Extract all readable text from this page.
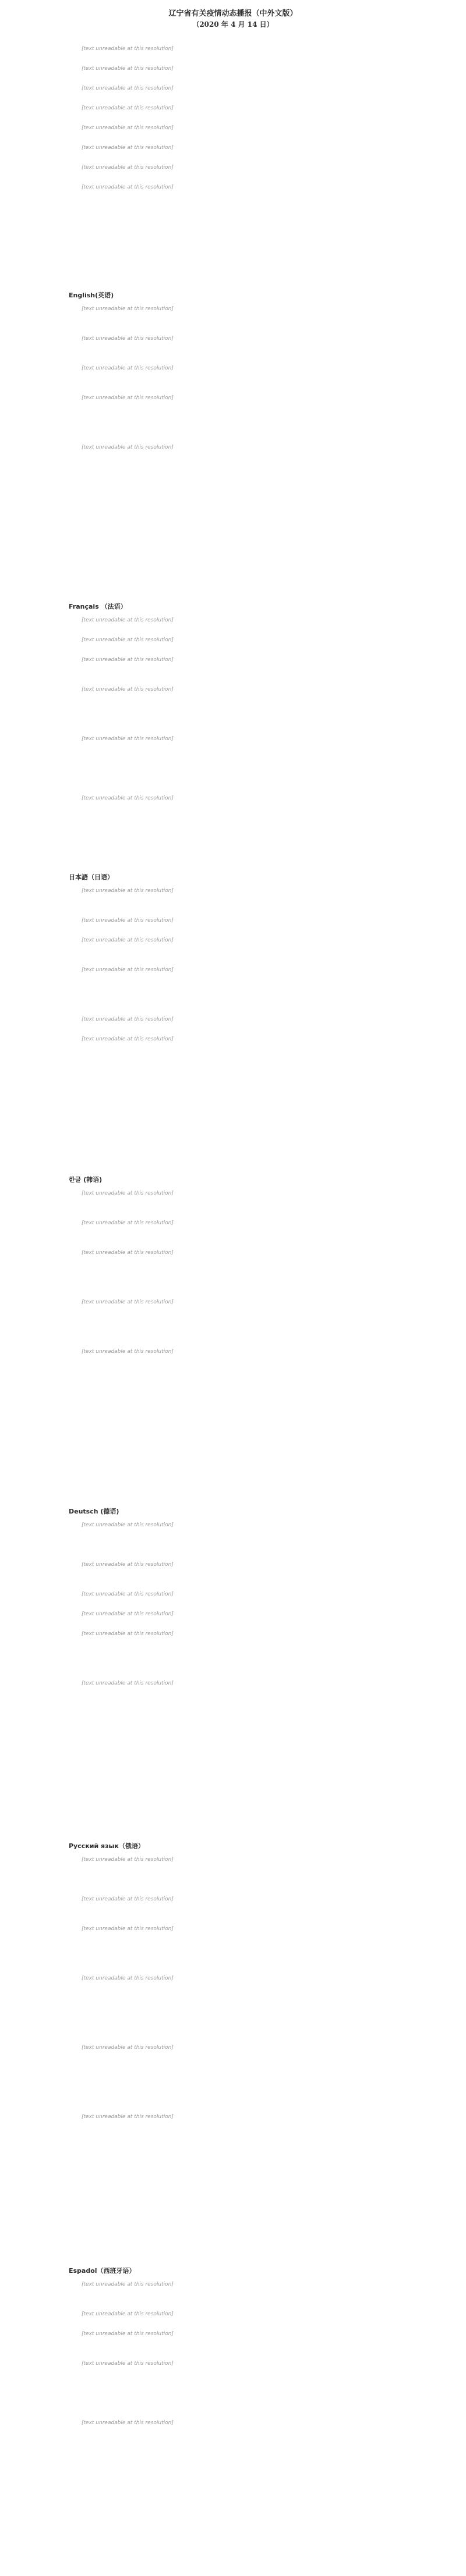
辽宁省有关疫情动态播报（中外文版）

（2020 年 4 月 14 日）

[text unreadable at this resolution]

[text unreadable at this resolution]

[text unreadable at this resolution]

[text unreadable at this resolution]

[text unreadable at this resolution]

[text unreadable at this resolution]

[text unreadable at this resolution]

[text unreadable at this resolution]

English(英语)

[text unreadable at this resolution]

[text unreadable at this resolution]

[text unreadable at this resolution]

[text unreadable at this resolution]

[text unreadable at this resolution]

Français （法语）

[text unreadable at this resolution]

[text unreadable at this resolution]

[text unreadable at this resolution]

[text unreadable at this resolution]

[text unreadable at this resolution]

[text unreadable at this resolution]

日本語（日语）

[text unreadable at this resolution]

[text unreadable at this resolution]

[text unreadable at this resolution]

[text unreadable at this resolution]

[text unreadable at this resolution]

[text unreadable at this resolution]

한글 (韩语)

[text unreadable at this resolution]

[text unreadable at this resolution]

[text unreadable at this resolution]

[text unreadable at this resolution]

[text unreadable at this resolution]

Deutsch (德语)

[text unreadable at this resolution]

[text unreadable at this resolution]

[text unreadable at this resolution]

[text unreadable at this resolution]

[text unreadable at this resolution]

[text unreadable at this resolution]

Русский язык（俄语）

[text unreadable at this resolution]

[text unreadable at this resolution]

[text unreadable at this resolution]

[text unreadable at this resolution]

[text unreadable at this resolution]

[text unreadable at this resolution]

Espadol（西班牙语）

[text unreadable at this resolution]

[text unreadable at this resolution]

[text unreadable at this resolution]

[text unreadable at this resolution]

[text unreadable at this resolution]
